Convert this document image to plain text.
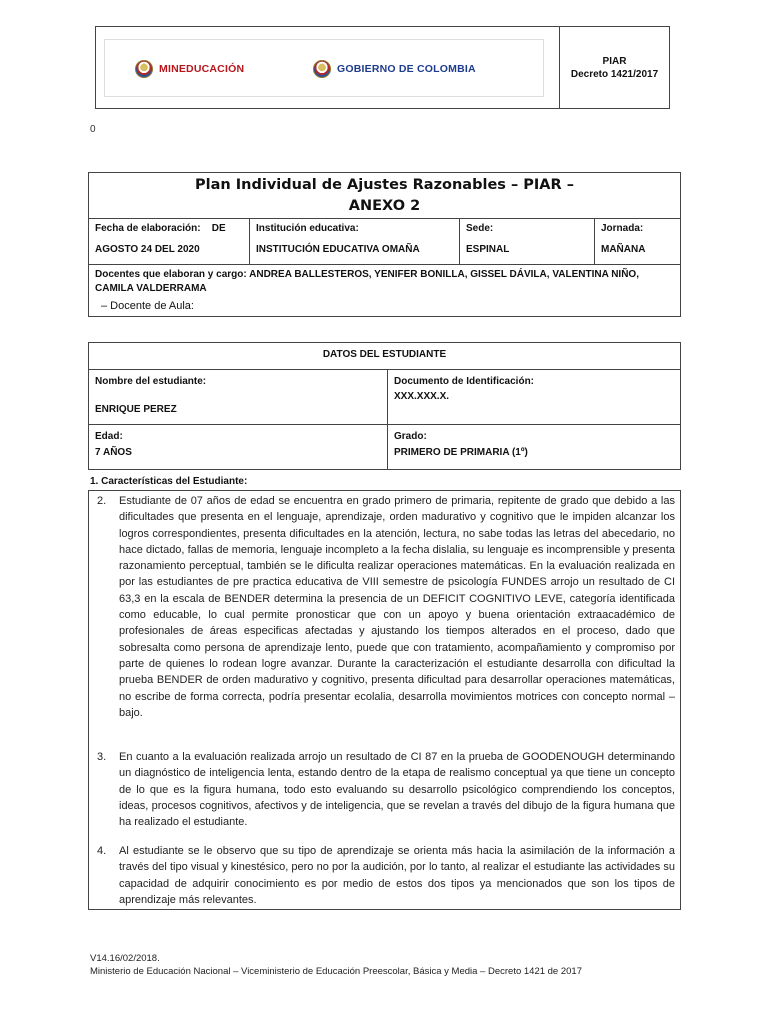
MINEDUCACIÓN	GOBIERNO DE COLOMBIA
PIAR
Decreto 1421/2017
0
Plan Individual de Ajustes Razonables – PIAR –
ANEXO 2
Fecha de elaboración: DE
AGOSTO 24 DEL 2020
Institución educativa:
INSTITUCIÓN EDUCATIVA OMAÑA
Sede:
ESPINAL
Jornada:
MAÑANA
Docentes que elaboran y cargo: ANDREA BALLESTEROS, YENIFER BONILLA, GISSEL DÁVILA, VALENTINA NIÑO, CAMILA VALDERRAMA
– Docente de Aula:
DATOS DEL ESTUDIANTE
Nombre del estudiante:
ENRIQUE PEREZ
Documento de Identificación:
XXX.XXX.X.
Edad:
7 AÑOS
Grado:
PRIMERO DE PRIMARIA (1º)
1. Características del Estudiante:
2. Estudiante de 07 años de edad se encuentra en grado primero de primaria, repitente de grado que debido a las dificultades que presenta en el lenguaje, aprendizaje, orden madurativo y cognitivo que le impiden alcanzar los logros correspondientes, presenta dificultades en la atención, lectura, no sabe todas las letras del abecedario, no hace dictado, fallas de memoria, lenguaje incompleto a la fecha dislalia, su lenguaje es incomprensible y presenta razonamiento perceptual, también se le dificulta realizar operaciones matemáticas. En la evaluación realizada en por las estudiantes de pre practica educativa de VIII semestre de psicología FUNDES arrojo un resultado de CI 63,3 en la escala de BENDER determina la presencia de un DEFICIT COGNITIVO LEVE, categoría identificada como educable, lo cual permite pronosticar que con un apoyo y buena orientación extraacadémico de profesionales de áreas especificas afectadas y ajustando los tiempos alterados en el proceso, dado que sobresalta como persona de aprendizaje lento, puede que con tratamiento, acompañamiento y compromiso por parte de quienes lo rodean logre avanzar. Durante la caracterización el estudiante desarrolla con dificultad la prueba BENDER de orden madurativo y cognitivo, presenta dificultad para desarrollar operaciones matemáticas, no escribe de forma correcta, podría presentar ecolalia, desarrolla movimientos motrices con concepto normal – bajo.
3. En cuanto a la evaluación realizada arrojo un resultado de CI 87 en la prueba de GOODENOUGH determinando un diagnóstico de inteligencia lenta, estando dentro de la etapa de realismo conceptual ya que tiene un concepto de lo que es la figura humana, todo esto evaluando su desarrollo psicológico comprendiendo los conceptos, ideas, procesos cognitivos, afectivos y de inteligencia, que se revelan a través del dibujo de la figura humana que ha realizado el estudiante.
4. Al estudiante se le observo que su tipo de aprendizaje se orienta más hacia la asimilación de la información a través del tipo visual y kinestésico, pero no por la audición, por lo tanto, al realizar el estudiante las actividades su capacidad de adquirir conocimiento es por medio de estos dos tipos ya mencionados que son los tipos de aprendizaje más relevantes.
V14.16/02/2018.
Ministerio de Educación Nacional – Viceministerio de Educación Preescolar, Básica y Media – Decreto 1421 de 2017
